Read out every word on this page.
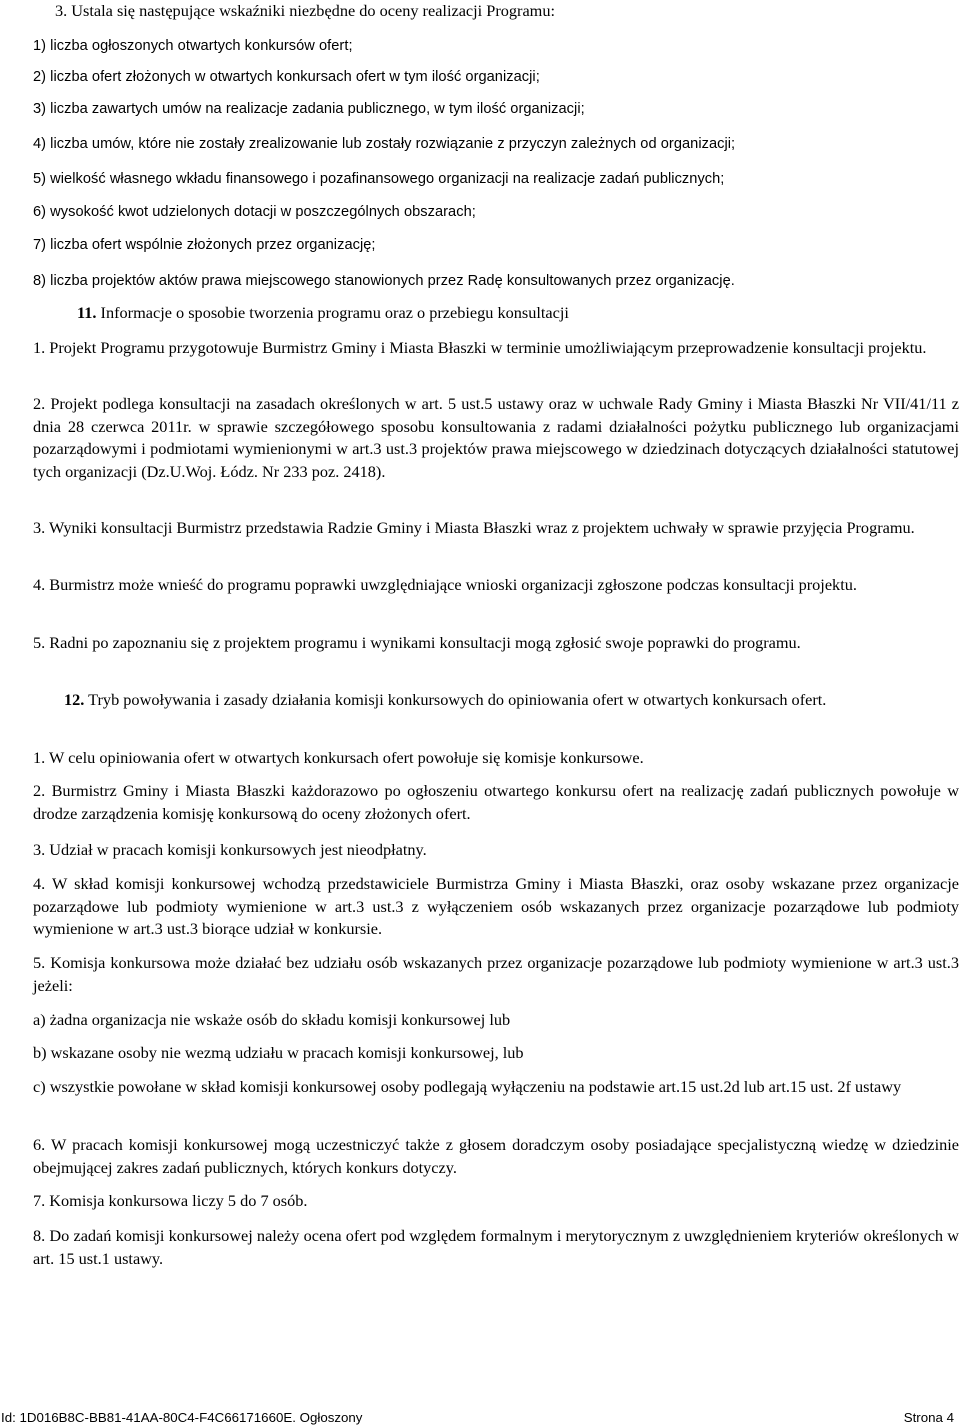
3. Ustala się następujące wskaźniki niezbędne do oceny realizacji Programu:
1) liczba ogłoszonych otwartych konkursów ofert;
2) liczba ofert złożonych w otwartych konkursach ofert w tym ilość organizacji;
3) liczba zawartych umów na realizacje zadania publicznego, w tym ilość organizacji;
4) liczba umów, które nie zostały zrealizowanie lub zostały rozwiązanie z przyczyn zależnych od organizacji;
5) wielkość własnego wkładu finansowego i pozafinansowego organizacji na realizacje zadań publicznych;
6) wysokość kwot udzielonych dotacji w poszczególnych obszarach;
7) liczba ofert wspólnie złożonych przez organizację;
8) liczba projektów aktów prawa miejscowego stanowionych przez Radę konsultowanych przez organizację.
11. Informacje o sposobie tworzenia programu oraz o przebiegu konsultacji
1. Projekt Programu przygotowuje Burmistrz Gminy i Miasta Błaszki w terminie umożliwiającym przeprowadzenie konsultacji projektu.
2. Projekt podlega konsultacji na zasadach określonych w art. 5 ust.5 ustawy oraz w uchwale Rady Gminy i Miasta Błaszki Nr VII/41/11 z dnia 28 czerwca 2011r. w sprawie szczegółowego sposobu konsultowania z radami działalności pożytku publicznego lub organizacjami pozarządowymi i podmiotami wymienionymi w art.3 ust.3 projektów prawa miejscowego w dziedzinach dotyczących działalności statutowej tych organizacji (Dz.U.Woj. Łódz. Nr 233 poz. 2418).
3. Wyniki konsultacji Burmistrz przedstawia Radzie Gminy i Miasta Błaszki wraz z projektem uchwały w sprawie przyjęcia Programu.
4. Burmistrz może wnieść do programu poprawki uwzględniające wnioski organizacji zgłoszone podczas konsultacji projektu.
5. Radni po zapoznaniu się z projektem programu i wynikami konsultacji mogą zgłosić swoje poprawki do programu.
12. Tryb powoływania i zasady działania komisji konkursowych do opiniowania ofert w otwartych konkursach ofert.
1. W celu opiniowania ofert w otwartych konkursach ofert powołuje się komisje konkursowe.
2. Burmistrz Gminy i Miasta Błaszki każdorazowo po ogłoszeniu otwartego konkursu ofert na realizację zadań publicznych powołuje w drodze zarządzenia komisję konkursową do oceny złożonych ofert.
3. Udział w pracach komisji konkursowych jest nieodpłatny.
4. W skład komisji konkursowej wchodzą przedstawiciele Burmistrza Gminy i Miasta Błaszki, oraz osoby wskazane przez organizacje pozarządowe lub podmioty wymienione w art.3 ust.3 z wyłączeniem osób wskazanych przez organizacje pozarządowe lub podmioty wymienione w art.3 ust.3 biorące udział w konkursie.
5. Komisja konkursowa może działać bez udziału osób wskazanych przez organizacje pozarządowe lub podmioty wymienione w art.3 ust.3 jeżeli:
a) żadna organizacja nie wskaże osób do składu komisji konkursowej lub
b) wskazane osoby nie wezmą udziału w pracach komisji konkursowej, lub
c) wszystkie powołane w skład komisji konkursowej osoby podlegają wyłączeniu na podstawie art.15 ust.2d lub art.15 ust. 2f ustawy
6. W pracach komisji konkursowej mogą uczestniczyć także z głosem doradczym osoby posiadające specjalistyczną wiedzę w dziedzinie obejmującej zakres zadań publicznych, których konkurs dotyczy.
7. Komisja konkursowa liczy 5 do 7 osób.
8. Do zadań komisji konkursowej należy ocena ofert pod względem formalnym i merytorycznym z uwzględnieniem kryteriów określonych w art. 15 ust.1 ustawy.
Id: 1D016B8C-BB81-41AA-80C4-F4C66171660E. Ogłoszony	Strona 4
